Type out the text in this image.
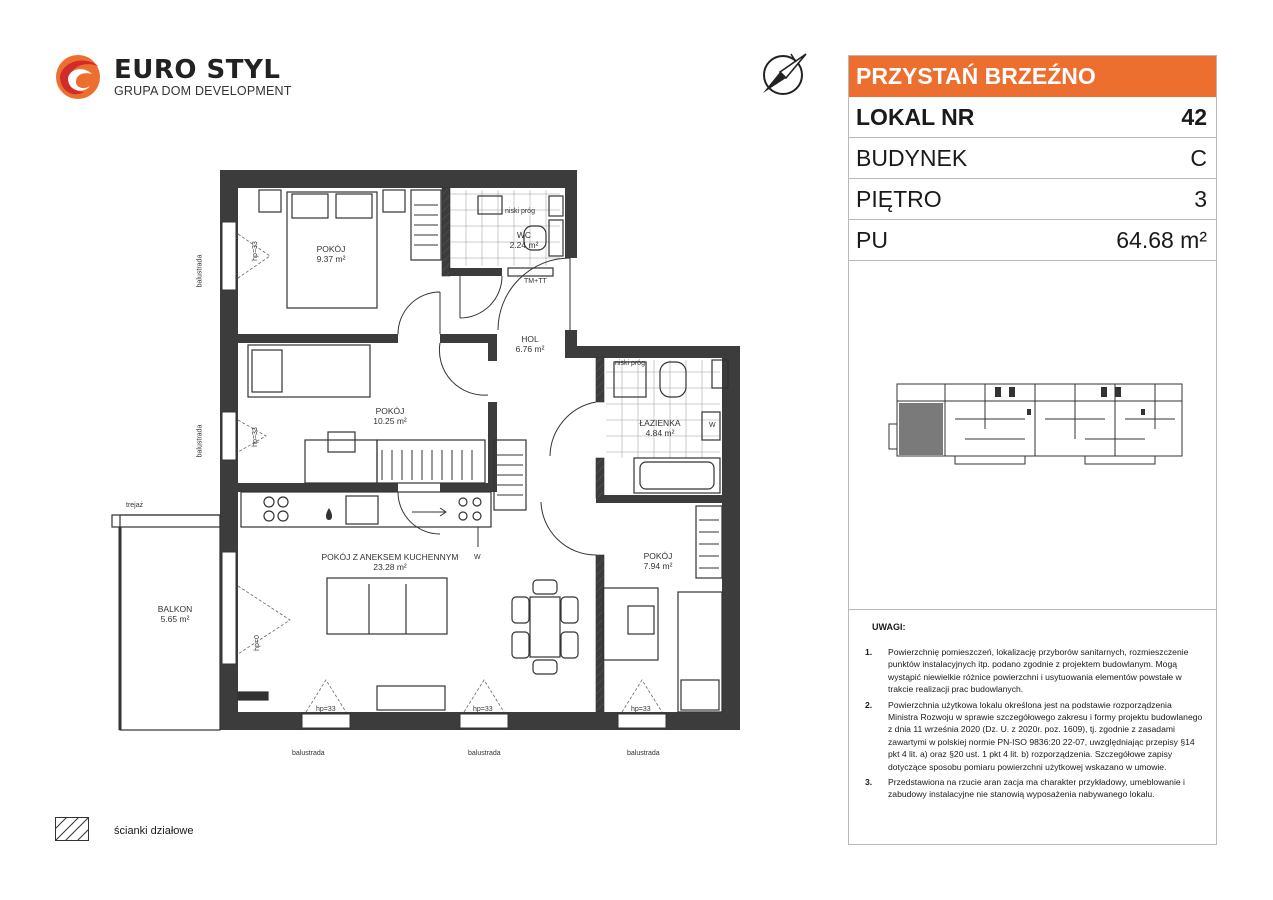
EURO STYL
GRUPA DOM DEVELOPMENT
POKÓJ
9.37 m²
WC
2.24 m²
HOL
6.76 m²
POKÓJ
10.25 m²	ŁAZIENKA
4.84 m²
POKÓJ Z ANEKSEM KUCHENNYM
23.28 m²
POKÓJ
7.94 m²
BALKON
5.65 m²
niski próg
TM+TT
niski próg
W
W
trejaż
balustrada	balustrada	balustrada
hp=33	hp=33	hp=33
hp=33
hp=33
hp=0
balustrada
balustrada
PRZYSTAŃ BRZEŹNO
LOKAL NR	42
BUDYNEK	C
PIĘTRO	3
PU	64.68 m²
UWAGI:
1. Powierzchnię pomieszczeń, lokalizację przyborów sanitarnych, rozmieszczenie punktów instalacyjnych itp. podano zgodnie z projektem budowlanym. Mogą wystąpić niewielkie różnice powierzchni i usytuowania elementów powstałe w trakcie realizacji prac budowlanych.
2. Powierzchnia użytkowa lokalu określona jest na podstawie rozporządzenia Ministra Rozwoju w sprawie szczegółowego zakresu i formy projektu budowlanego z dnia 11 września 2020 (Dz. U. z 2020r. poz. 1609), tj. zgodnie z zasadami zawartymi w polskiej normie PN-ISO 9836:20 22-07, uwzględniając przepisy §14 pkt 4 lit. a) oraz §20 ust. 1 pkt 4 lit. b) rozporządzenia. Szczegółowe zapisy dotyczące sposobu pomiaru powierzchni użytkowej wskazano w umowie.
3. Przedstawiona na rzucie aran zacja ma charakter przykładowy, umeblowanie i zabudowy instalacyjne nie stanowią wyposażenia nabywanego lokalu.
ścianki działowe
